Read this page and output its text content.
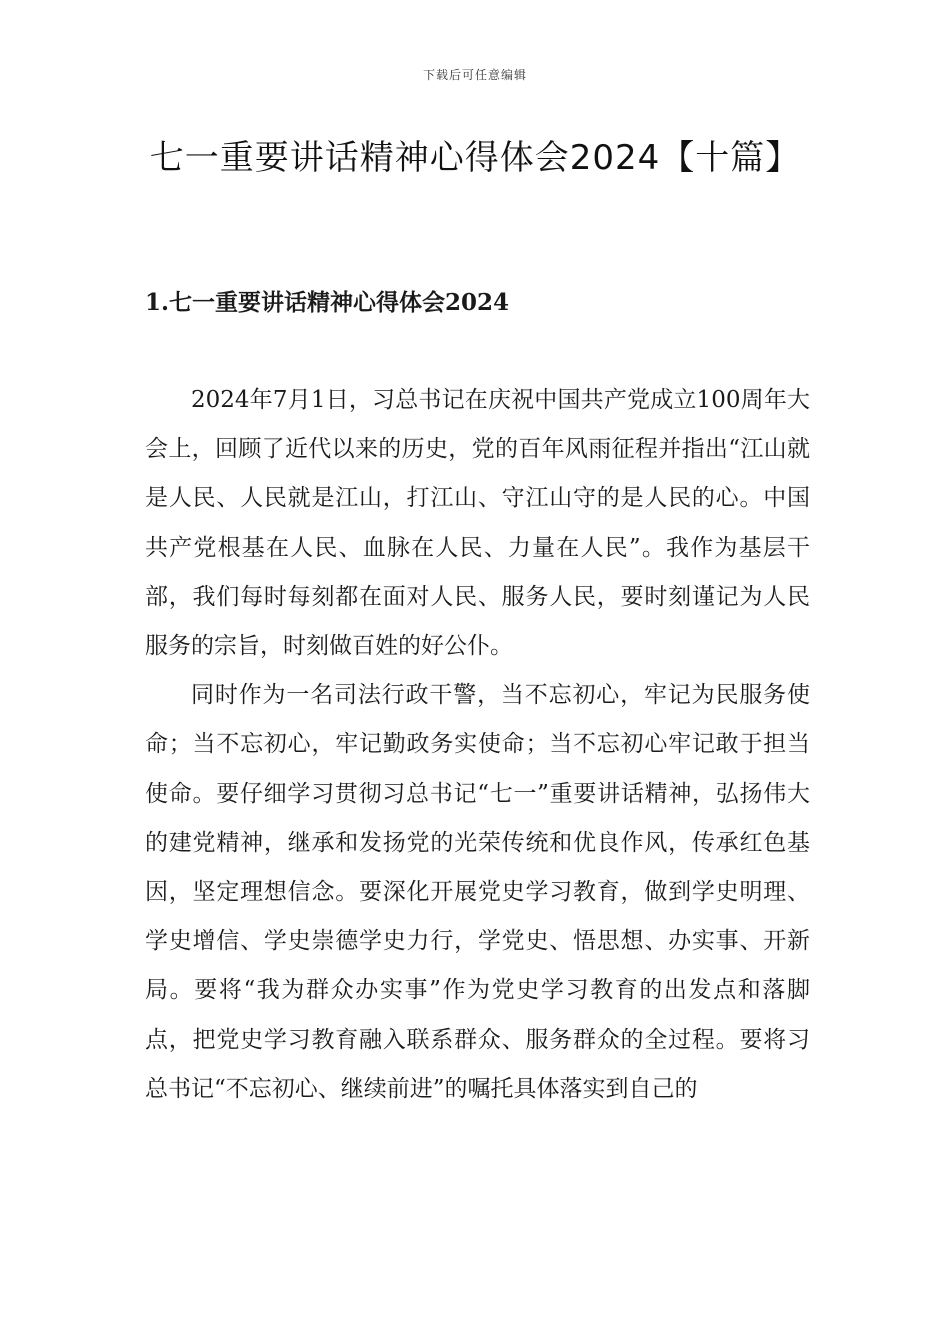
下载后可任意编辑
七一重要讲话精神心得体会2024【十篇】
1.七一重要讲话精神心得体会2024

2024年7月1日，习总书记在庆祝中国共产党成立100周年大会上，回顾了近代以来的历史，党的百年风雨征程并指出“江山就是人民、人民就是江山，打江山、守江山守的是人民的心。中国共产党根基在人民、血脉在人民、力量在人民”。我作为基层干部，我们每时每刻都在面对人民、服务人民，要时刻谨记为人民服务的宗旨，时刻做百姓的好公仆。

同时作为一名司法行政干警，当不忘初心，牢记为民服务使命；当不忘初心，牢记勤政务实使命；当不忘初心牢记敢于担当使命。要仔细学习贯彻习总书记“七一”重要讲话精神，弘扬伟大的建党精神，继承和发扬党的光荣传统和优良作风，传承红色基因，坚定理想信念。要深化开展党史学习教育，做到学史明理、学史增信、学史崇德学史力行，学党史、悟思想、办实事、开新局。要将“我为群众办实事”作为党史学习教育的出发点和落脚点，把党史学习教育融入联系群众、服务群众的全过程。要将习总书记“不忘初心、继续前进”的嘱托具体落实到自己的
